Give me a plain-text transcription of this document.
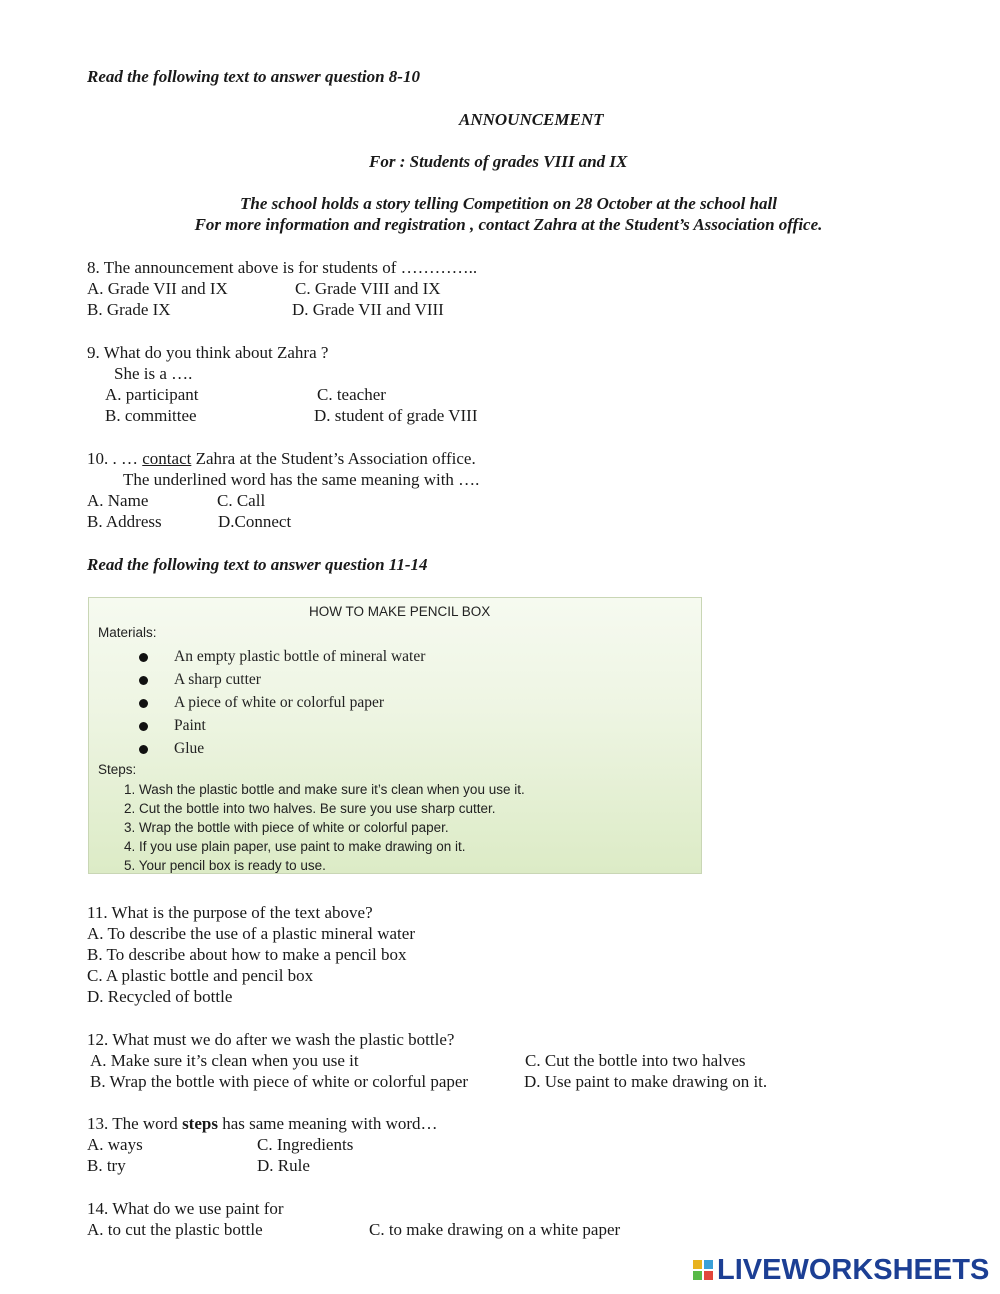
Read the following text to answer question 8-10
ANNOUNCEMENT
For : Students of grades VIII and IX
The school holds a story telling Competition on 28 October at the school hall
For more information and registration , contact Zahra at the Student’s Association office.
8. The announcement above is for students of …………..
A. Grade VII and IX	C. Grade VIII and IX
B. Grade IX	D. Grade VII and VIII
9. What do you think about Zahra ?
She is a ….
A. participant	C. teacher
B. committee	D. student of grade VIII
10. . … contact Zahra at the Student’s Association office.
The underlined word has the same meaning with ….
A. Name	C. Call
B. Address	D.Connect
Read the following text to answer question 11-14
HOW TO MAKE PENCIL BOX
Materials:
An empty plastic bottle of mineral water
A sharp cutter
A piece of white or colorful paper
Paint
Glue
Steps:
1. Wash the plastic bottle and make sure it’s clean when you use it.
2. Cut the bottle into two halves. Be sure you use sharp cutter.
3. Wrap the bottle with piece of white or colorful paper.
4. If you use plain paper, use paint to make drawing on it.
5. Your pencil box is ready to use.
11. What is the purpose of the text above?
A. To describe the use of a plastic mineral water
B. To describe about how to make a pencil box
C. A plastic bottle and pencil box
D. Recycled of bottle
12. What must we do after we wash the plastic bottle?
A. Make sure it’s clean when you use it	C. Cut the bottle into two halves
B. Wrap the bottle with piece of white or colorful paper	D. Use paint to make drawing on it.
13. The word steps has same meaning with word…
A. ways	C. Ingredients
B. try	D. Rule
14. What do we use paint for
A. to cut the plastic bottle	C. to make drawing on a white paper
LIVEWORKSHEETS
